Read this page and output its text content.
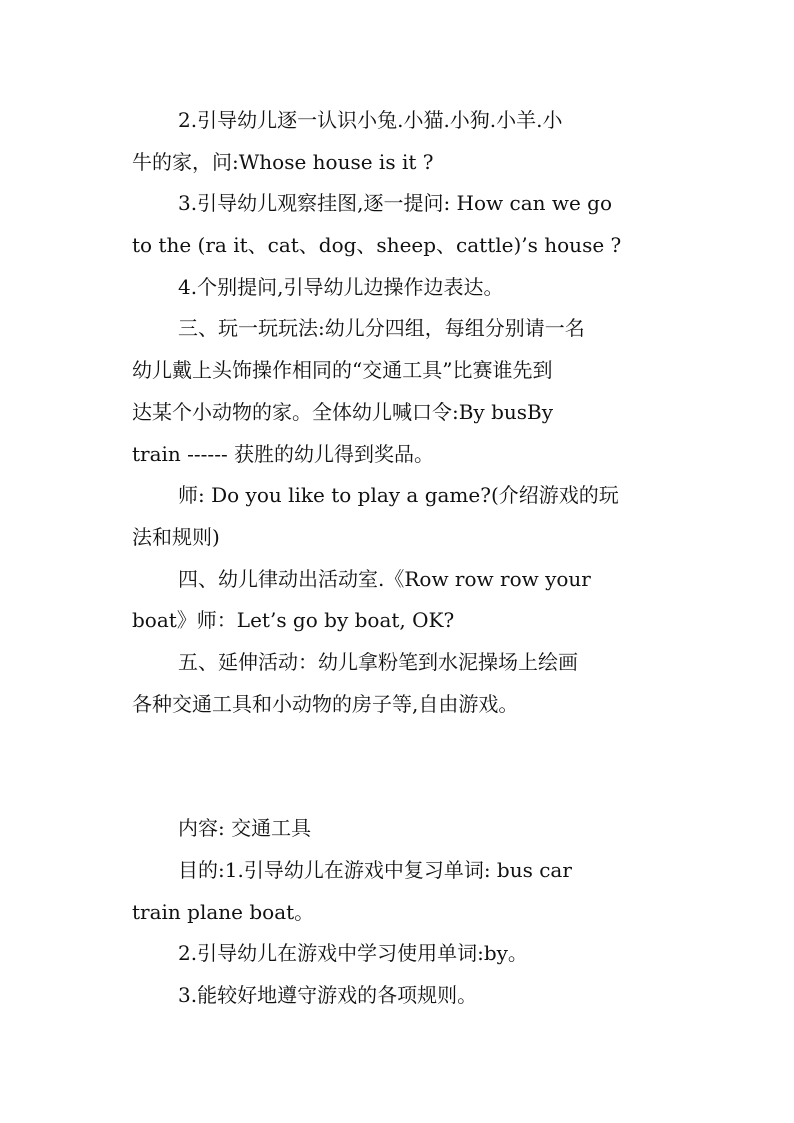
2.引导幼儿逐一认识小兔.小猫.小狗.小羊.小
牛的家，问:Whose house is it ?
3.引导幼儿观察挂图,逐一提问: How can we go
to the (ra it、cat、dog、sheep、cattle)’s house ?
4.个别提问,引导幼儿边操作边表达。
三、玩一玩玩法:幼儿分四组，每组分别请一名
幼儿戴上头饰操作相同的“交通工具”比赛谁先到
达某个小动物的家。全体幼儿喊口令:By busBy
train ------ 获胜的幼儿得到奖品。
师: Do you like to play a game?(介绍游戏的玩
法和规则)
四、幼儿律动出活动室.《Row row row your
boat》师：Let’s go by boat, OK?
五、延伸活动：幼儿拿粉笔到水泥操场上绘画
各种交通工具和小动物的房子等,自由游戏。
内容: 交通工具
目的:1.引导幼儿在游戏中复习单词: bus car
train plane boat。
2.引导幼儿在游戏中学习使用单词:by。
3.能较好地遵守游戏的各项规则。
